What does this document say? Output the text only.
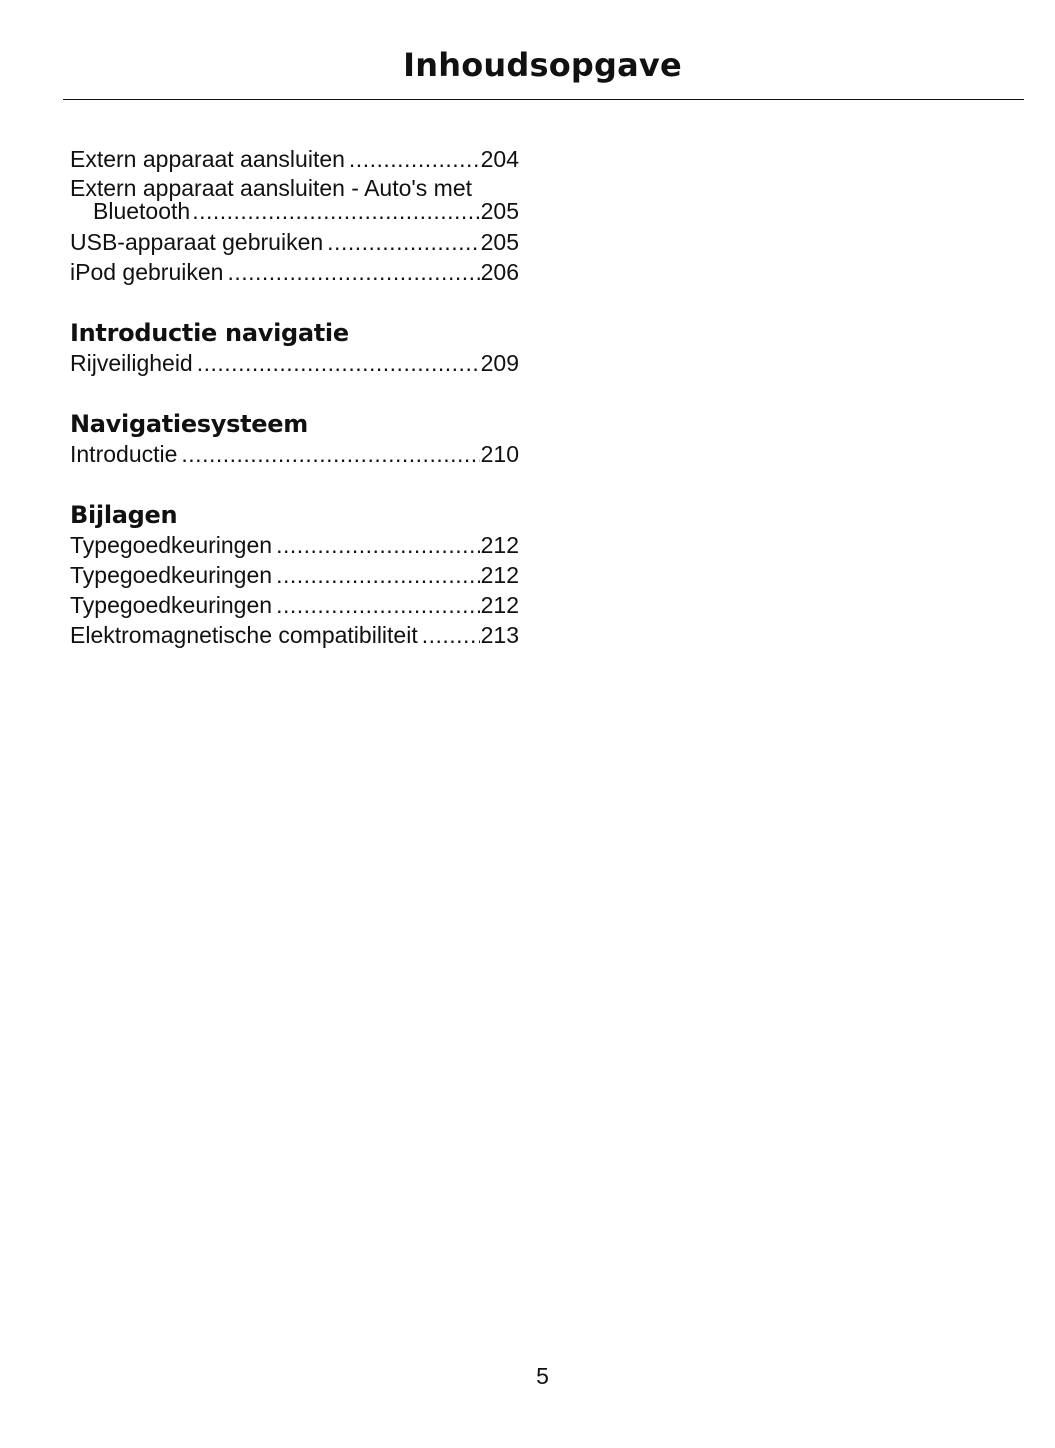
Inhoudsopgave
Extern apparaat aansluiten .....	204
Extern apparaat aansluiten - Auto's met
Bluetooth .....	205
USB-apparaat gebruiken .....	205
iPod gebruiken .....	206
Introductie navigatie
Rijveiligheid .....	209
Navigatiesysteem
Introductie .....	210
Bijlagen
Typegoedkeuringen .....	212
Typegoedkeuringen .....	212
Typegoedkeuringen .....	212
Elektromagnetische compatibiliteit .....	213
5
